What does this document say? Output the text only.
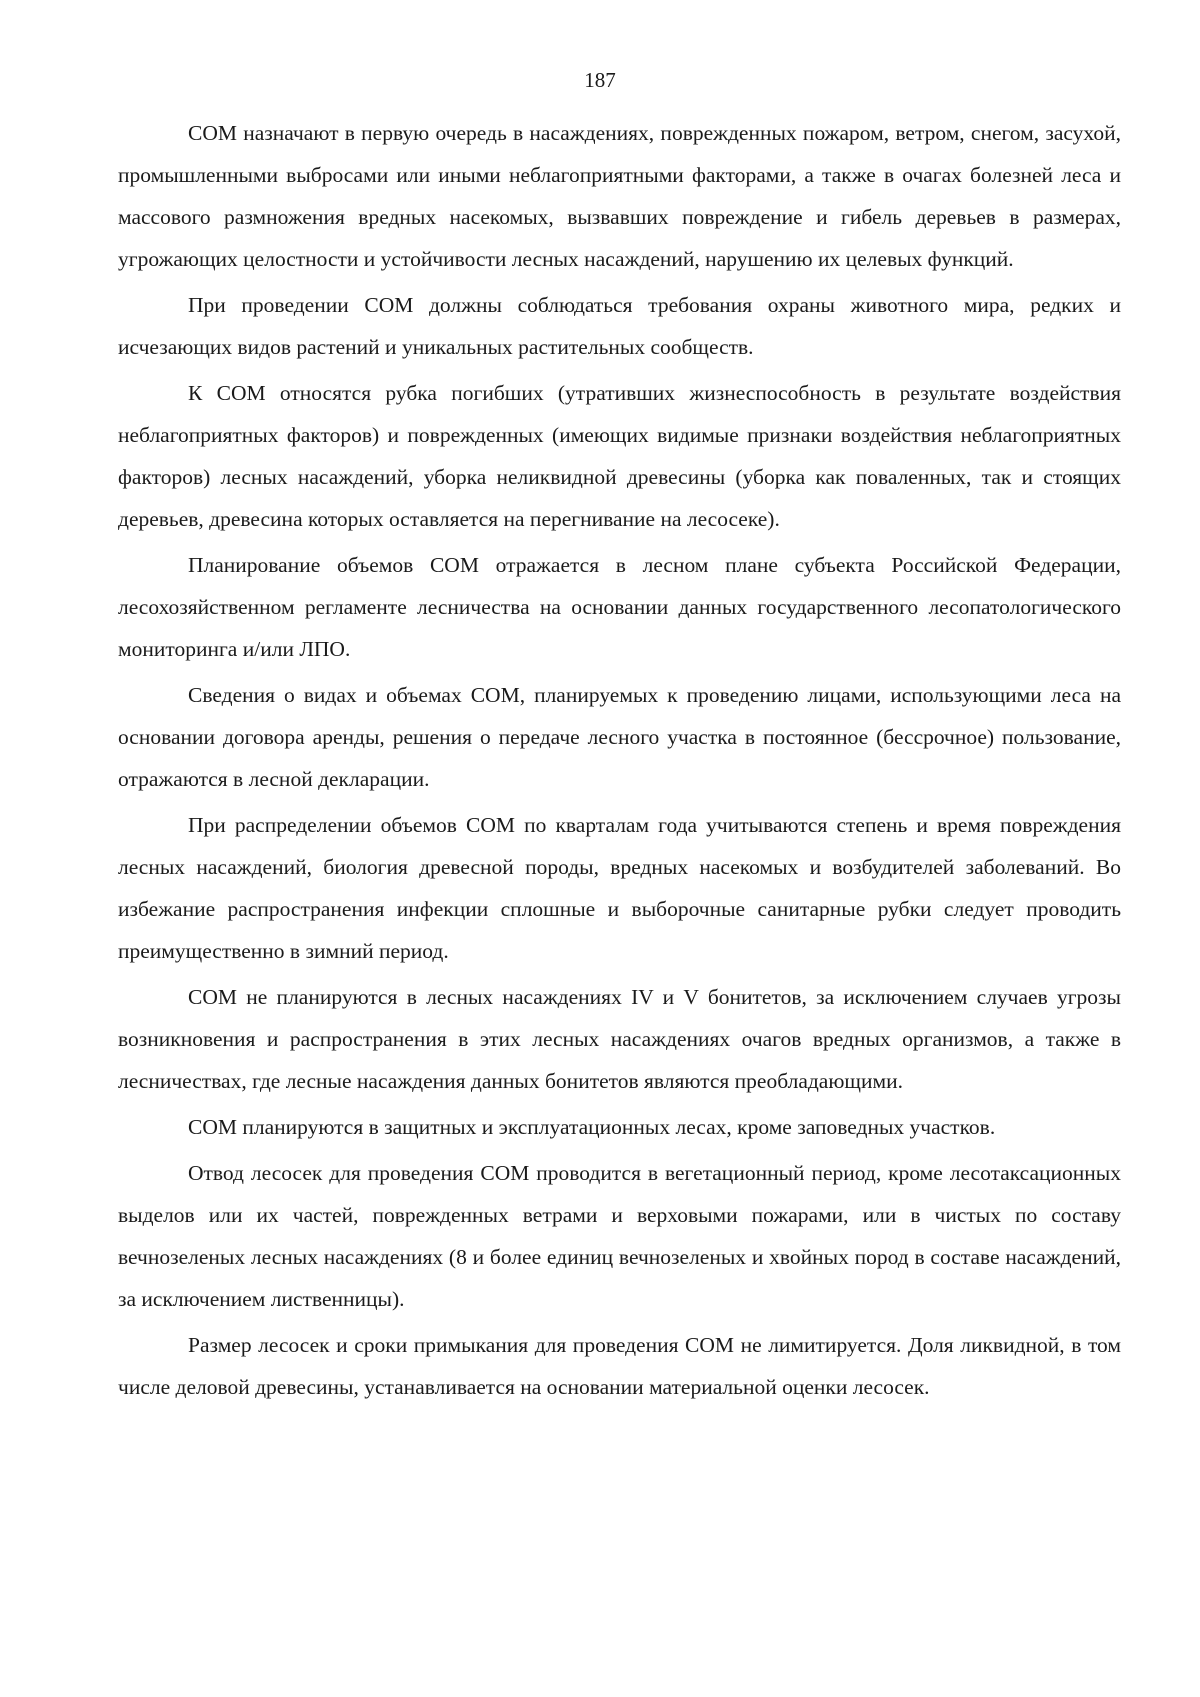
187

СОМ назначают в первую очередь в насаждениях, поврежденных пожаром, ветром, снегом, засухой, промышленными выбросами или иными неблагоприятными факторами, а также в очагах болезней леса и массового размножения вредных насекомых, вызвавших повреждение и гибель деревьев в размерах, угрожающих целостности и устойчивости лесных насаждений, нарушению их целевых функций.

При проведении СОМ должны соблюдаться требования охраны животного мира, редких и исчезающих видов растений и уникальных растительных сообществ.

К СОМ относятся рубка погибших (утративших жизнеспособность в результате воздействия неблагоприятных факторов) и поврежденных (имеющих видимые признаки воздействия неблагоприятных факторов) лесных насаждений, уборка неликвидной древесины (уборка как поваленных, так и стоящих деревьев, древесина которых оставляется на перегнивание на лесосеке).

Планирование объемов СОМ отражается в лесном плане субъекта Российской Федерации, лесохозяйственном регламенте лесничества на основании данных государственного лесопатологического мониторинга и/или ЛПО.

Сведения о видах и объемах СОМ, планируемых к проведению лицами, использующими леса на основании договора аренды, решения о передаче лесного участка в постоянное (бессрочное) пользование, отражаются в лесной декларации.

При распределении объемов СОМ по кварталам года учитываются степень и время повреждения лесных насаждений, биология древесной породы, вредных насекомых и возбудителей заболеваний. Во избежание распространения инфекции сплошные и выборочные санитарные рубки следует проводить преимущественно в зимний период.

СОМ не планируются в лесных насаждениях IV и V бонитетов, за исключением случаев угрозы возникновения и распространения в этих лесных насаждениях очагов вредных организмов, а также в лесничествах, где лесные насаждения данных бонитетов являются преобладающими.

СОМ планируются в защитных и эксплуатационных лесах, кроме заповедных участков.

Отвод лесосек для проведения СОМ проводится в вегетационный период, кроме лесотаксационных выделов или их частей, поврежденных ветрами и верховыми пожарами, или в чистых по составу вечнозеленых лесных насаждениях (8 и более единиц вечнозеленых и хвойных пород в составе насаждений, за исключением лиственницы).

Размер лесосек и сроки примыкания для проведения СОМ не лимитируется. Доля ликвидной, в том числе деловой древесины, устанавливается на основании материальной оценки лесосек.
